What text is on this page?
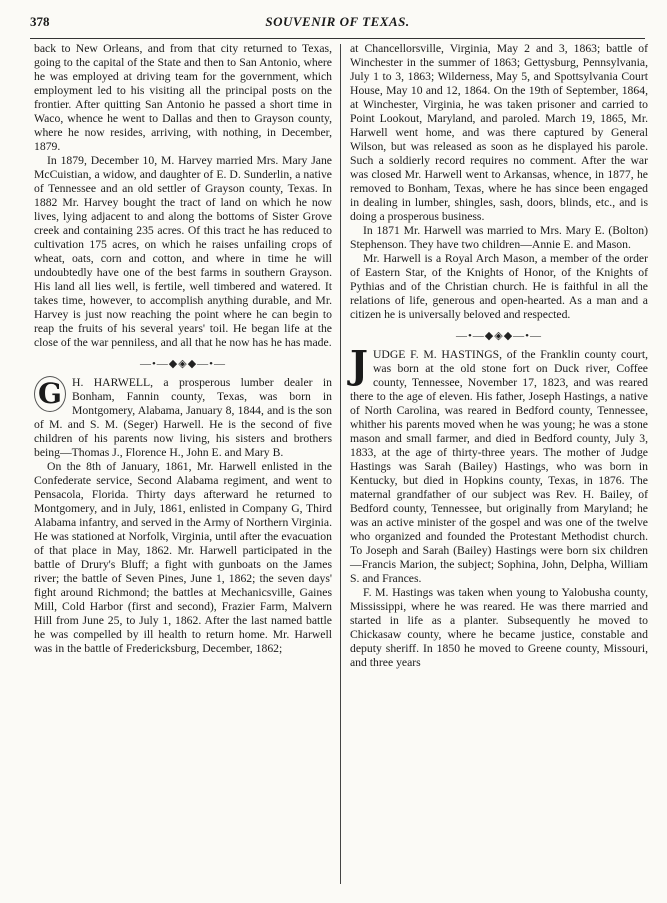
378	SOUVENIR OF TEXAS.

back to New Orleans, and from that city returned to Texas, going to the capital of the State and then to San Antonio, where he was employed at driving team for the government, which employment led to his visiting all the principal posts on the frontier. After quitting San Antonio he passed a short time in Waco, whence he went to Dallas and then to Grayson county, where he now resides, arriving, with nothing, in December, 1879.

In 1879, December 10, M. Harvey married Mrs. Mary Jane McCuistian, a widow, and daughter of E. D. Sunderlin, a native of Tennessee and an old settler of Grayson county, Texas. In 1882 Mr. Harvey bought the tract of land on which he now lives, lying adjacent to and along the bottoms of Sister Grove creek and containing 235 acres. Of this tract he has reduced to cultivation 175 acres, on which he raises unfailing crops of wheat, oats, corn and cotton, and where in time he will undoubtedly have one of the best farms in southern Grayson. His land all lies well, is fertile, well timbered and watered. It takes time, however, to accomplish anything durable, and Mr. Harvey is just now reaching the point where he can begin to reap the fruits of his several years' toil. He began life at the close of the war penniless, and all that he now has he has made.

—•—◆◈◆—•—

G H. HARWELL, a prosperous lumber dealer in Bonham, Fannin county, Texas, was born in Montgomery, Alabama, January 8, 1844, and is the son of M. and S. M. (Seger) Harwell. He is the second of five children of his parents now living, his sisters and brothers being—Thomas J., Florence H., John E. and Mary B.

On the 8th of January, 1861, Mr. Harwell enlisted in the Confederate service, Second Alabama regiment, and went to Pensacola, Florida. Thirty days afterward he returned to Montgomery, and in July, 1861, enlisted in Company G, Third Alabama infantry, and served in the Army of Northern Virginia. He was stationed at Norfolk, Virginia, until after the evacuation of that place in May, 1862. Mr. Harwell participated in the battle of Drury's Bluff; a fight with gunboats on the James river; the battle of Seven Pines, June 1, 1862; the seven days' fight around Richmond; the battles at Mechanicsville, Gaines Mill, Cold Harbor (first and second), Frazier Farm, Malvern Hill from June 25, to July 1, 1862. After the last named battle he was compelled by ill health to return home. Mr. Harwell was in the battle of Fredericksburg, December, 1862;

at Chancellorsville, Virginia, May 2 and 3, 1863; battle of Winchester in the summer of 1863; Gettysburg, Pennsylvania, July 1 to 3, 1863; Wilderness, May 5, and Spottsylvania Court House, May 10 and 12, 1864. On the 19th of September, 1864, at Winchester, Virginia, he was taken prisoner and carried to Point Lookout, Maryland, and paroled. March 19, 1865, Mr. Harwell went home, and was there captured by General Wilson, but was released as soon as he displayed his parole. Such a soldierly record requires no comment. After the war was closed Mr. Harwell went to Arkansas, whence, in 1877, he removed to Bonham, Texas, where he has since been engaged in dealing in lumber, shingles, sash, doors, blinds, etc., and is doing a prosperous business.

In 1871 Mr. Harwell was married to Mrs. Mary E. (Bolton) Stephenson. They have two children—Annie E. and Mason.

Mr. Harwell is a Royal Arch Mason, a member of the order of Eastern Star, of the Knights of Honor, of the Knights of Pythias and of the Christian church. He is faithful in all the relations of life, generous and open-hearted. As a man and a citizen he is universally beloved and respected.

—•—◆◈◆—•—

JUDGE F. M. HASTINGS, of the Franklin county court, was born at the old stone fort on Duck river, Coffee county, Tennessee, November 17, 1823, and was reared there to the age of eleven. His father, Joseph Hastings, a native of North Carolina, was reared in Bedford county, Tennessee, whither his parents moved when he was young; he was a stone mason and small farmer, and died in Bedford county, July 3, 1833, at the age of thirty-three years. The mother of Judge Hastings was Sarah (Bailey) Hastings, who was born in Kentucky, but died in Hopkins county, Texas, in 1876. The maternal grandfather of our subject was Rev. H. Bailey, of Bedford county, Tennessee, but originally from Maryland; he was an active minister of the gospel and was one of the twelve who organized and founded the Protestant Methodist church. To Joseph and Sarah (Bailey) Hastings were born six children—Francis Marion, the subject; Sophina, John, Delpha, William S. and Frances.

F. M. Hastings was taken when young to Yalobusha county, Mississippi, where he was reared. He was there married and started in life as a planter. Subsequently he moved to Chickasaw county, where he became justice, constable and deputy sheriff. In 1850 he moved to Greene county, Missouri, and three years
